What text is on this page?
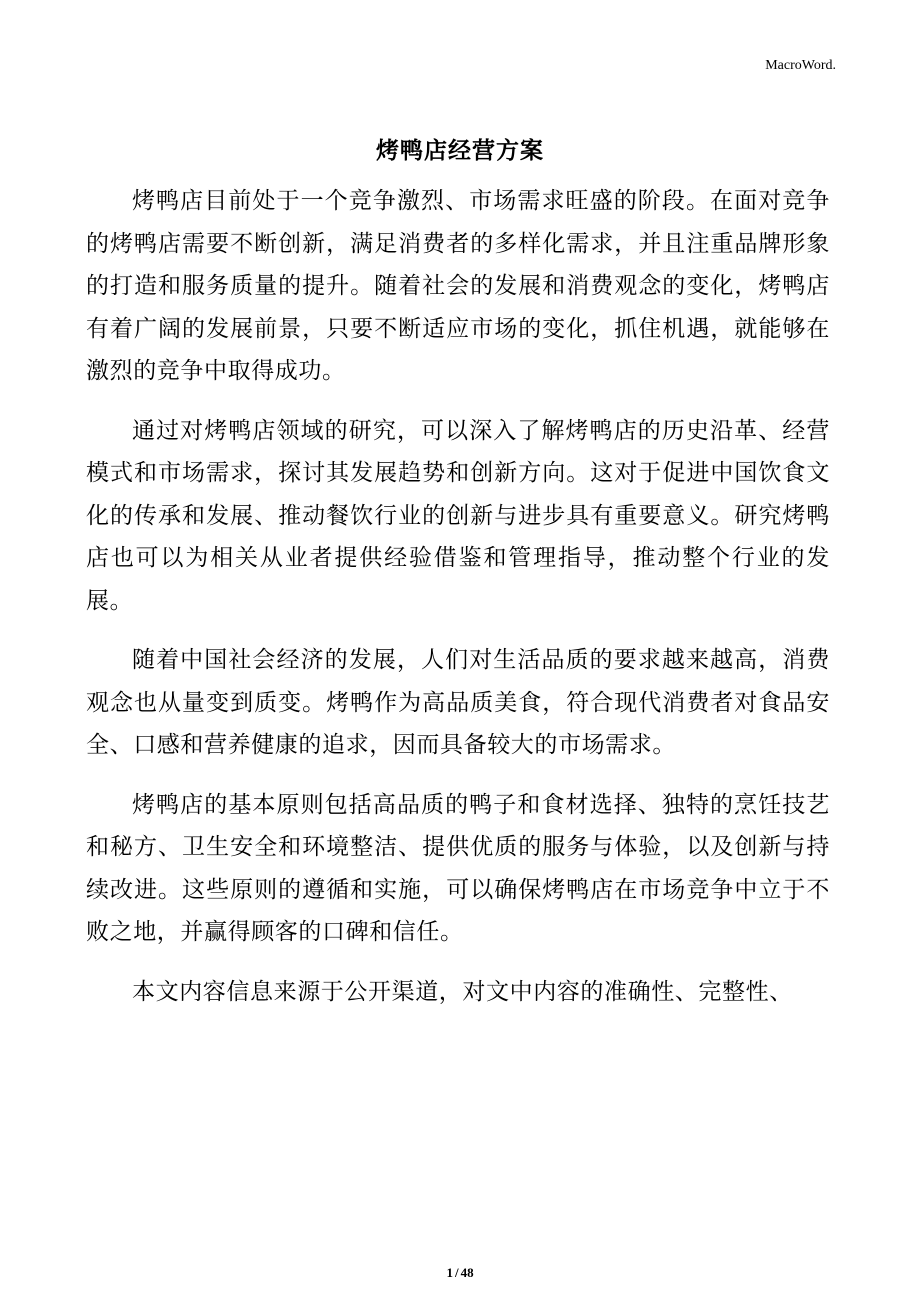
MacroWord.
烤鸭店经营方案

烤鸭店目前处于一个竞争激烈、市场需求旺盛的阶段。在面对竞争的烤鸭店需要不断创新，满足消费者的多样化需求，并且注重品牌形象的打造和服务质量的提升。随着社会的发展和消费观念的变化，烤鸭店有着广阔的发展前景，只要不断适应市场的变化，抓住机遇，就能够在激烈的竞争中取得成功。

通过对烤鸭店领域的研究，可以深入了解烤鸭店的历史沿革、经营模式和市场需求，探讨其发展趋势和创新方向。这对于促进中国饮食文化的传承和发展、推动餐饮行业的创新与进步具有重要意义。研究烤鸭店也可以为相关从业者提供经验借鉴和管理指导，推动整个行业的发展。

随着中国社会经济的发展，人们对生活品质的要求越来越高，消费观念也从量变到质变。烤鸭作为高品质美食，符合现代消费者对食品安全、口感和营养健康的追求，因而具备较大的市场需求。

烤鸭店的基本原则包括高品质的鸭子和食材选择、独特的烹饪技艺和秘方、卫生安全和环境整洁、提供优质的服务与体验，以及创新与持续改进。这些原则的遵循和实施，可以确保烤鸭店在市场竞争中立于不败之地，并赢得顾客的口碑和信任。

本文内容信息来源于公开渠道，对文中内容的准确性、完整性、

1 / 48
